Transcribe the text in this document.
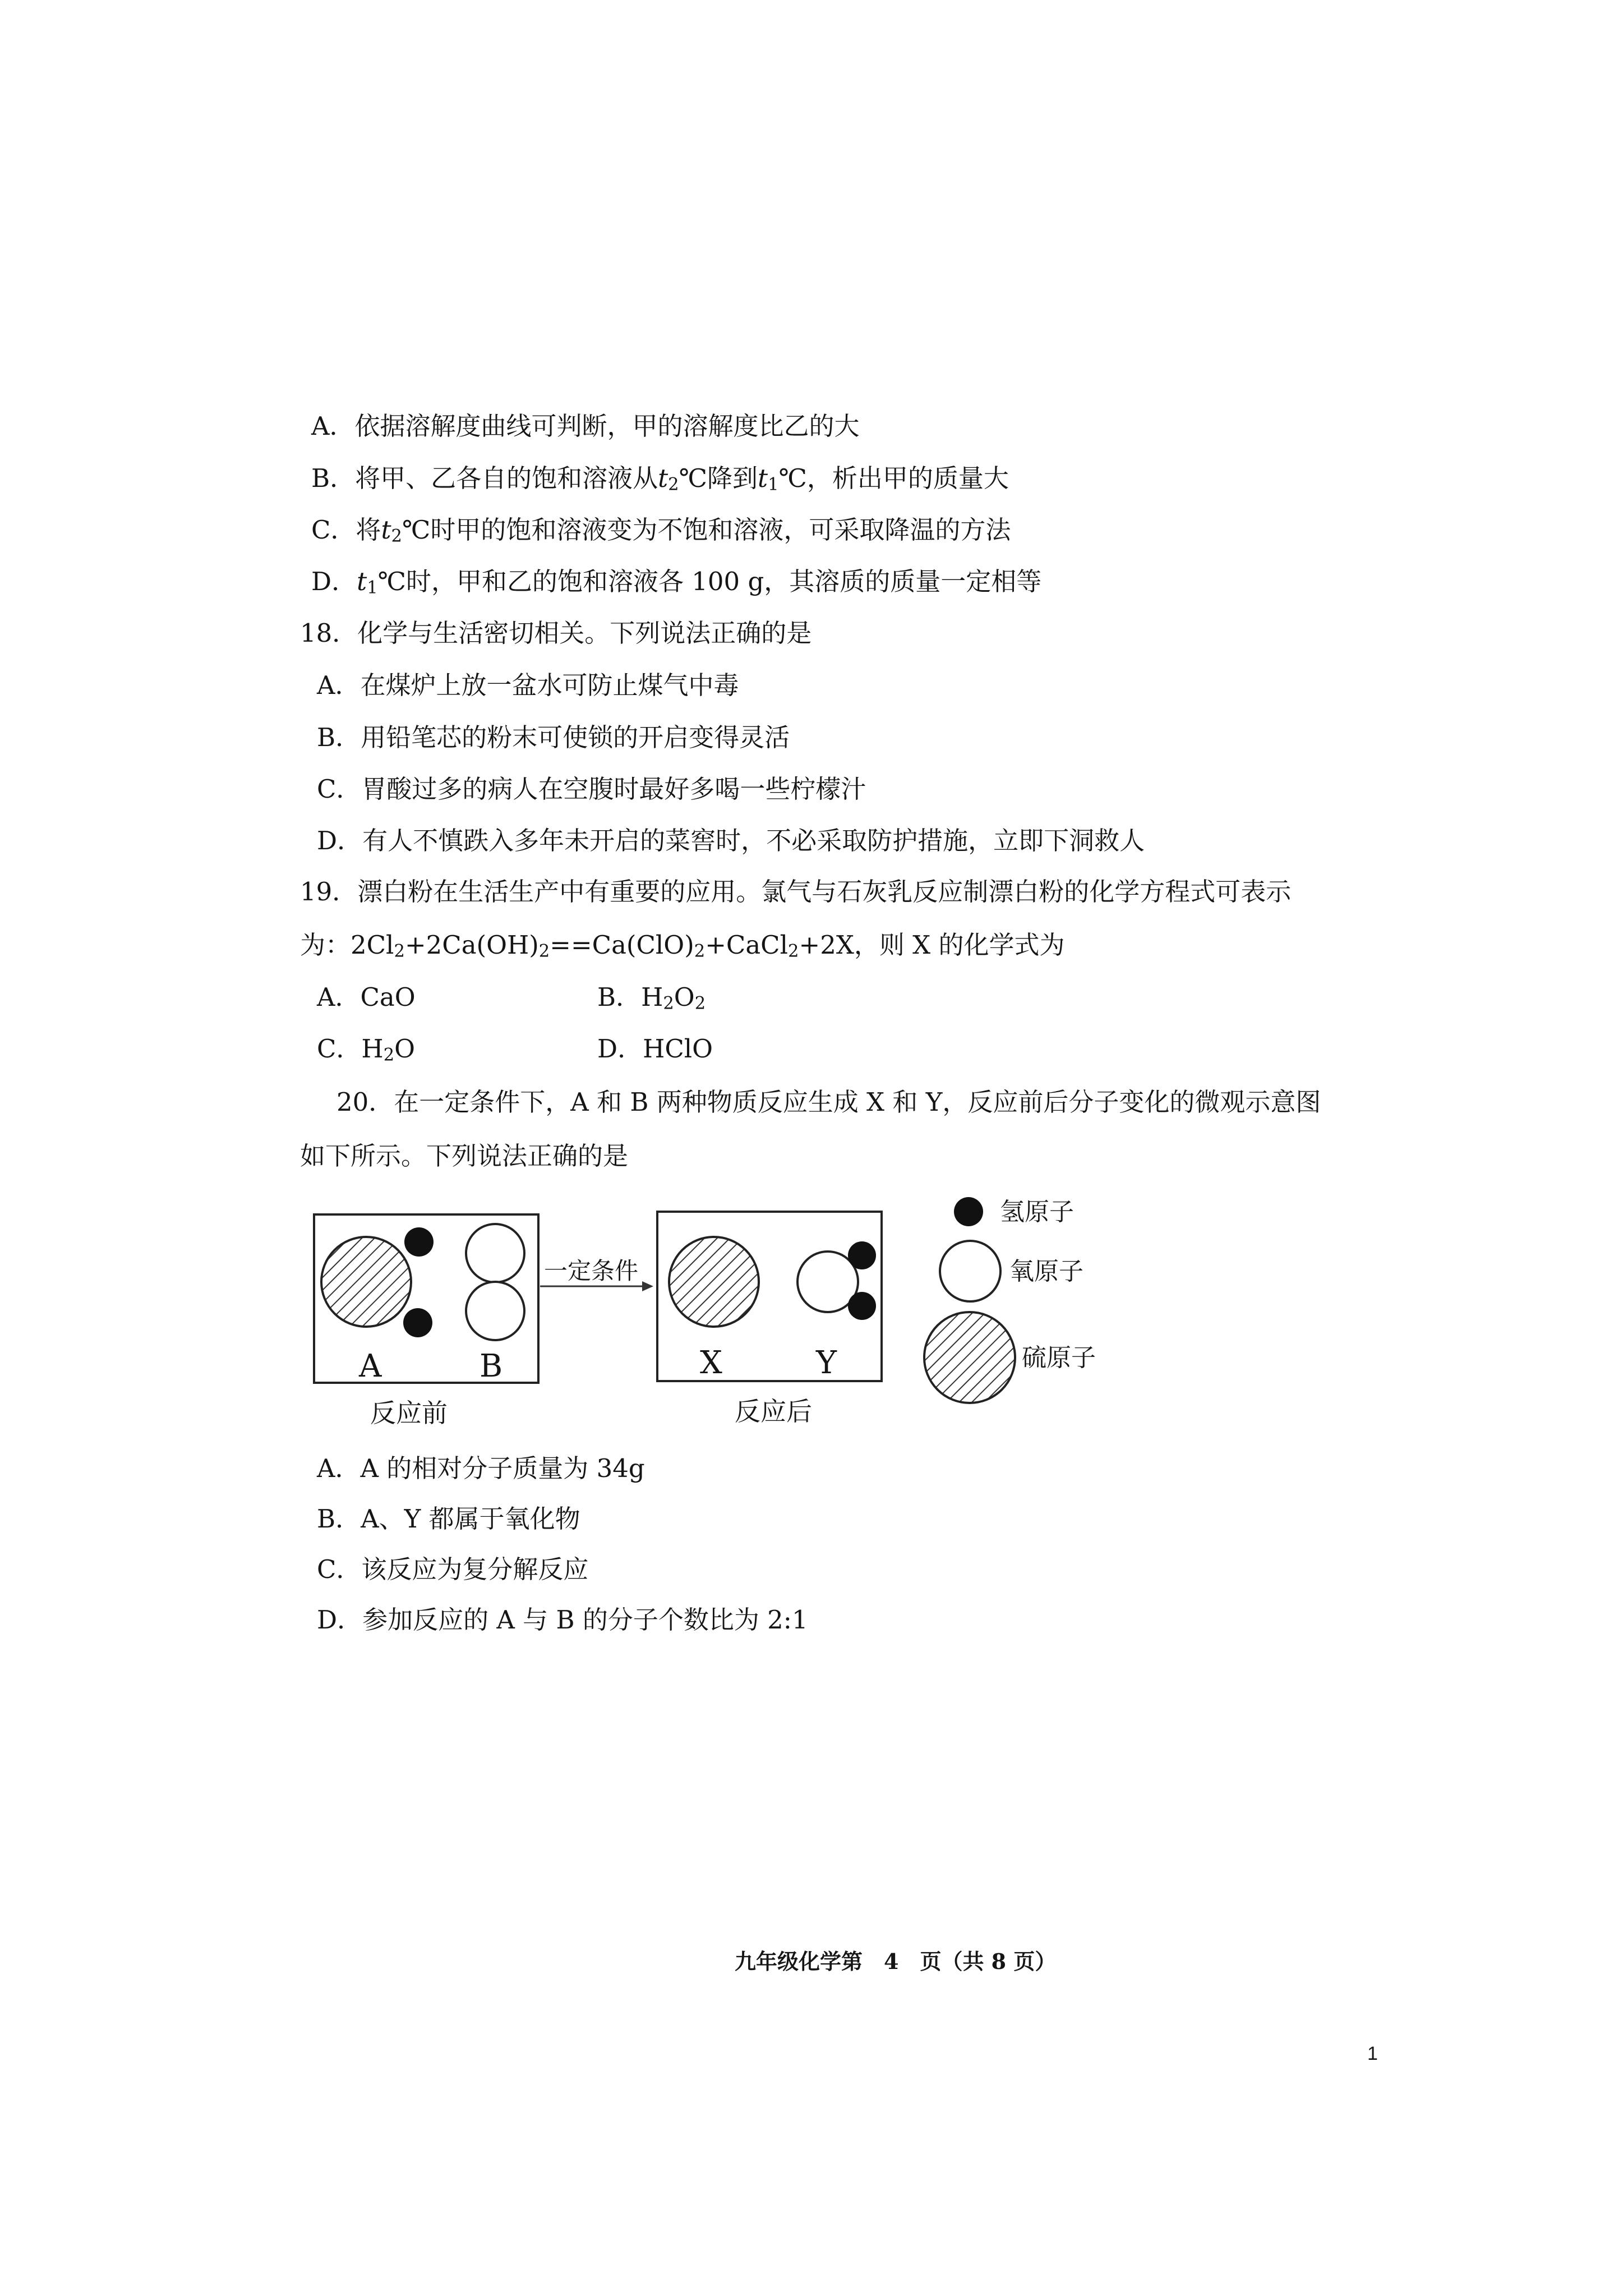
A．依据溶解度曲线可判断，甲的溶解度比乙的大
B．将甲、乙各自的饱和溶液从t2℃降到t1℃，析出甲的质量大
C．将t2℃时甲的饱和溶液变为不饱和溶液，可采取降温的方法
D．t1℃时，甲和乙的饱和溶液各 100 g，其溶质的质量一定相等
18．化学与生活密切相关。下列说法正确的是
A．在煤炉上放一盆水可防止煤气中毒
B．用铅笔芯的粉末可使锁的开启变得灵活
C．胃酸过多的病人在空腹时最好多喝一些柠檬汁
D．有人不慎跌入多年未开启的菜窖时，不必采取防护措施，立即下洞救人
19．漂白粉在生活生产中有重要的应用。氯气与石灰乳反应制漂白粉的化学方程式可表示
为：2Cl2+2Ca(OH)2==Ca(ClO)2+CaCl2+2X，则 X 的化学式为
A．CaO	B．H2O2
C．H2O	D．HClO
20．在一定条件下，A 和 B 两种物质反应生成 X 和 Y，反应前后分子变化的微观示意图
如下所示。下列说法正确的是
A	B
反应前
一定条件
X	Y
反应后
氢原子
氧原子
硫原子
A．A 的相对分子质量为 34g
B．A、Y 都属于氧化物
C．该反应为复分解反应
D．参加反应的 A 与 B 的分子个数比为 2:1
九年级化学第　4　页（共 8 页）
1
